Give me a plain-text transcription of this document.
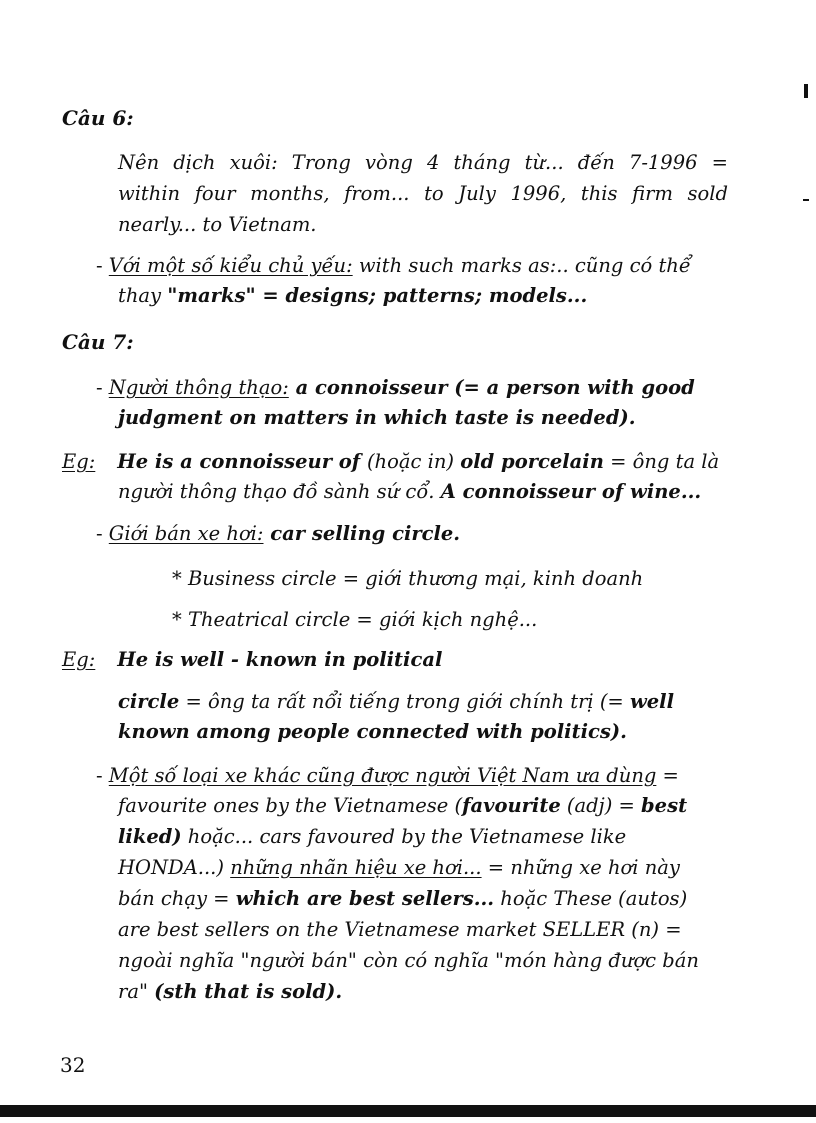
Câu 6:
Nên dịch xuôi: Trong vòng 4 tháng từ... đến 7-1996 =
within four months, from... to July 1996, this firm sold
nearly... to Vietnam.
- Với một số kiểu chủ yếu: with such marks as:.. cũng có thể
thay "marks" = designs; patterns; models...
Câu 7:
- Người thông thạo: a connoisseur (= a person with good
judgment on matters in which taste is needed).
Eg: He is a connoisseur of (hoặc in) old porcelain = ông ta là
người thông thạo đồ sành sứ cổ. A connoisseur of wine...
- Giới bán xe hơi: car selling circle.
* Business circle = giới thương mại, kinh doanh
* Theatrical circle = giới kịch nghệ...
Eg: He is well - known in political
circle = ông ta rất nổi tiếng trong giới chính trị (= well
known among people connected with politics).
- Một số loại xe khác cũng được người Việt Nam ưa dùng =
favourite ones by the Vietnamese (favourite (adj) = best
liked) hoặc... cars favoured by the Vietnamese like
HONDA...) những nhãn hiệu xe hơi... = những xe hơi này
bán chạy = which are best sellers... hoặc These (autos)
are best sellers on the Vietnamese market SELLER (n) =
ngoài nghĩa "người bán" còn có nghĩa "món hàng được bán
ra" (sth that is sold).
32
